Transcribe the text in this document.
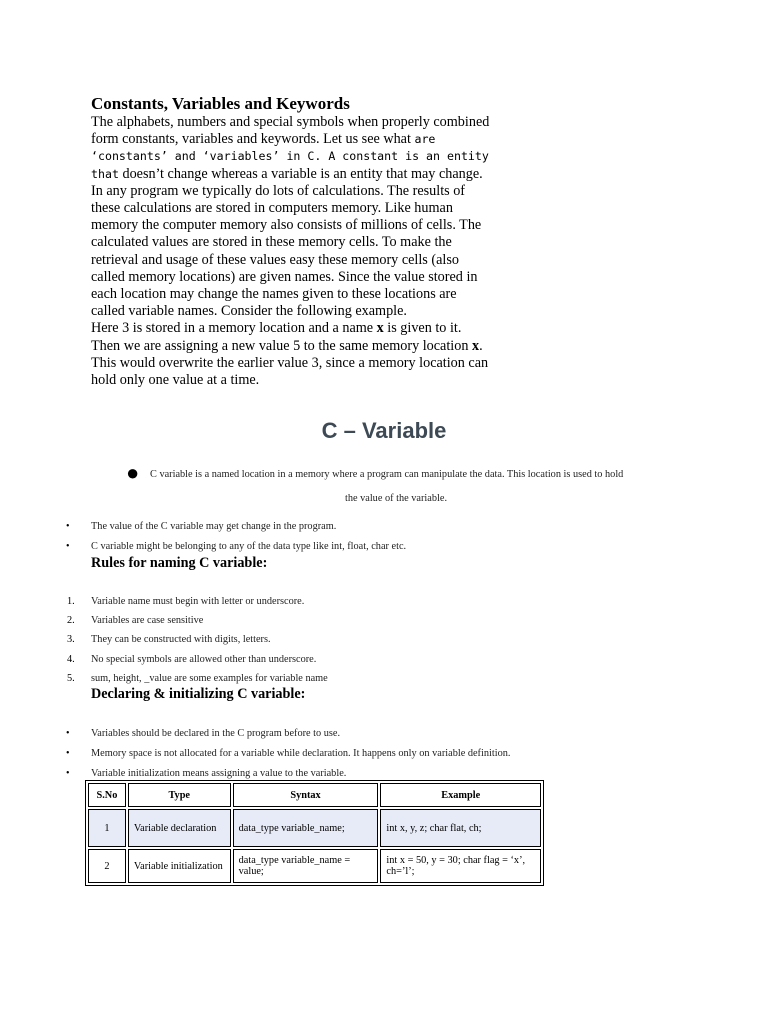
Constants, Variables and Keywords

The alphabets, numbers and special symbols when properly combined form constants, variables and keywords. Let us see what are ‘constants’ and ‘variables’ in C. A constant is an entity that doesn’t change whereas a variable is an entity that may change.

In any program we typically do lots of calculations. The results of these calculations are stored in computers memory. Like human memory the computer memory also consists of millions of cells. The calculated values are stored in these memory cells. To make the retrieval and usage of these values easy these memory cells (also called memory locations) are given names. Since the value stored in each location may change the names given to these locations are called variable names. Consider the following example.

Here 3 is stored in a memory location and a name x is given to it. Then we are assigning a new value 5 to the same memory location x. This would overwrite the earlier value 3, since a memory location can hold only one value at a time.

C – Variable
● C variable is a named location in a memory where a program can manipulate the data. This location is used to hold
the value of the variable.
• The value of the C variable may get change in the program.
• C variable might be belonging to any of the data type like int, float, char etc.

Rules for naming C variable:

1. Variable name must begin with letter or underscore.
2. Variables are case sensitive
3. They can be constructed with digits, letters.
4. No special symbols are allowed other than underscore.
5. sum, height, _value are some examples for variable name

Declaring & initializing C variable:

• Variables should be declared in the C program before to use.
• Memory space is not allocated for a variable while declaration. It happens only on variable definition.
• Variable initialization means assigning a value to the variable.
S.No	Type	Syntax	Example
1	Variable declaration	data_type variable_name;	int x, y, z; char flat, ch;
2	Variable initialization	data_type variable_name = value;	int x = 50, y = 30; char flag = ‘x’, ch=’l’;
